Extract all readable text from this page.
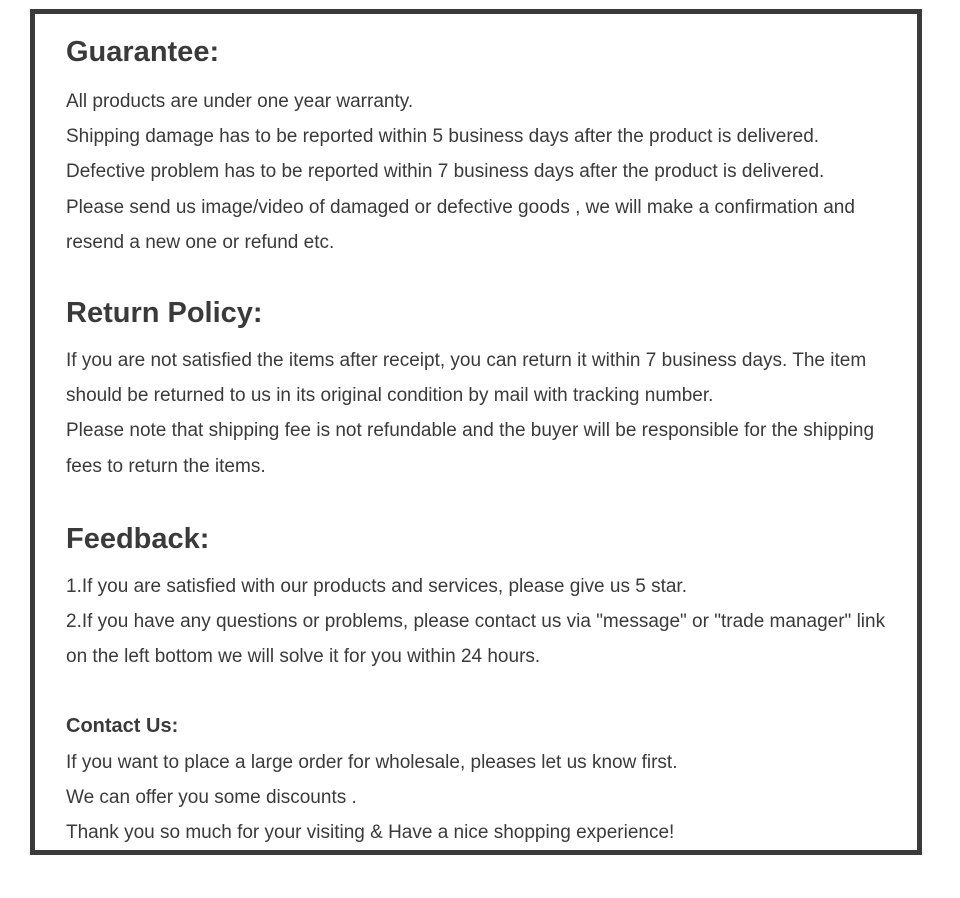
Guarantee:

All products are under one year warranty.

Shipping damage has to be reported within 5 business days after the product is delivered.

Defective problem has to be reported within 7 business days after the product is delivered.

Please send us image/video of damaged or defective goods , we will make a confirmation and

resend a new one or refund etc.

Return Policy:

If you are not satisfied the items after receipt, you can return it within 7 business days. The item

should be returned to us in its original condition by mail with tracking number.

Please note that shipping fee is not refundable and the buyer will be responsible for the shipping

fees to return the items.

Feedback:

1.If you are satisfied with our products and services, please give us 5 star.

2.If you have any questions or problems, please contact us via "message" or "trade manager" link

on the left bottom we will solve it for you within 24 hours.

Contact Us:

If you want to place a large order for wholesale, pleases let us know first.

We can offer you some discounts .

Thank you so much for your visiting & Have a nice shopping experience!
